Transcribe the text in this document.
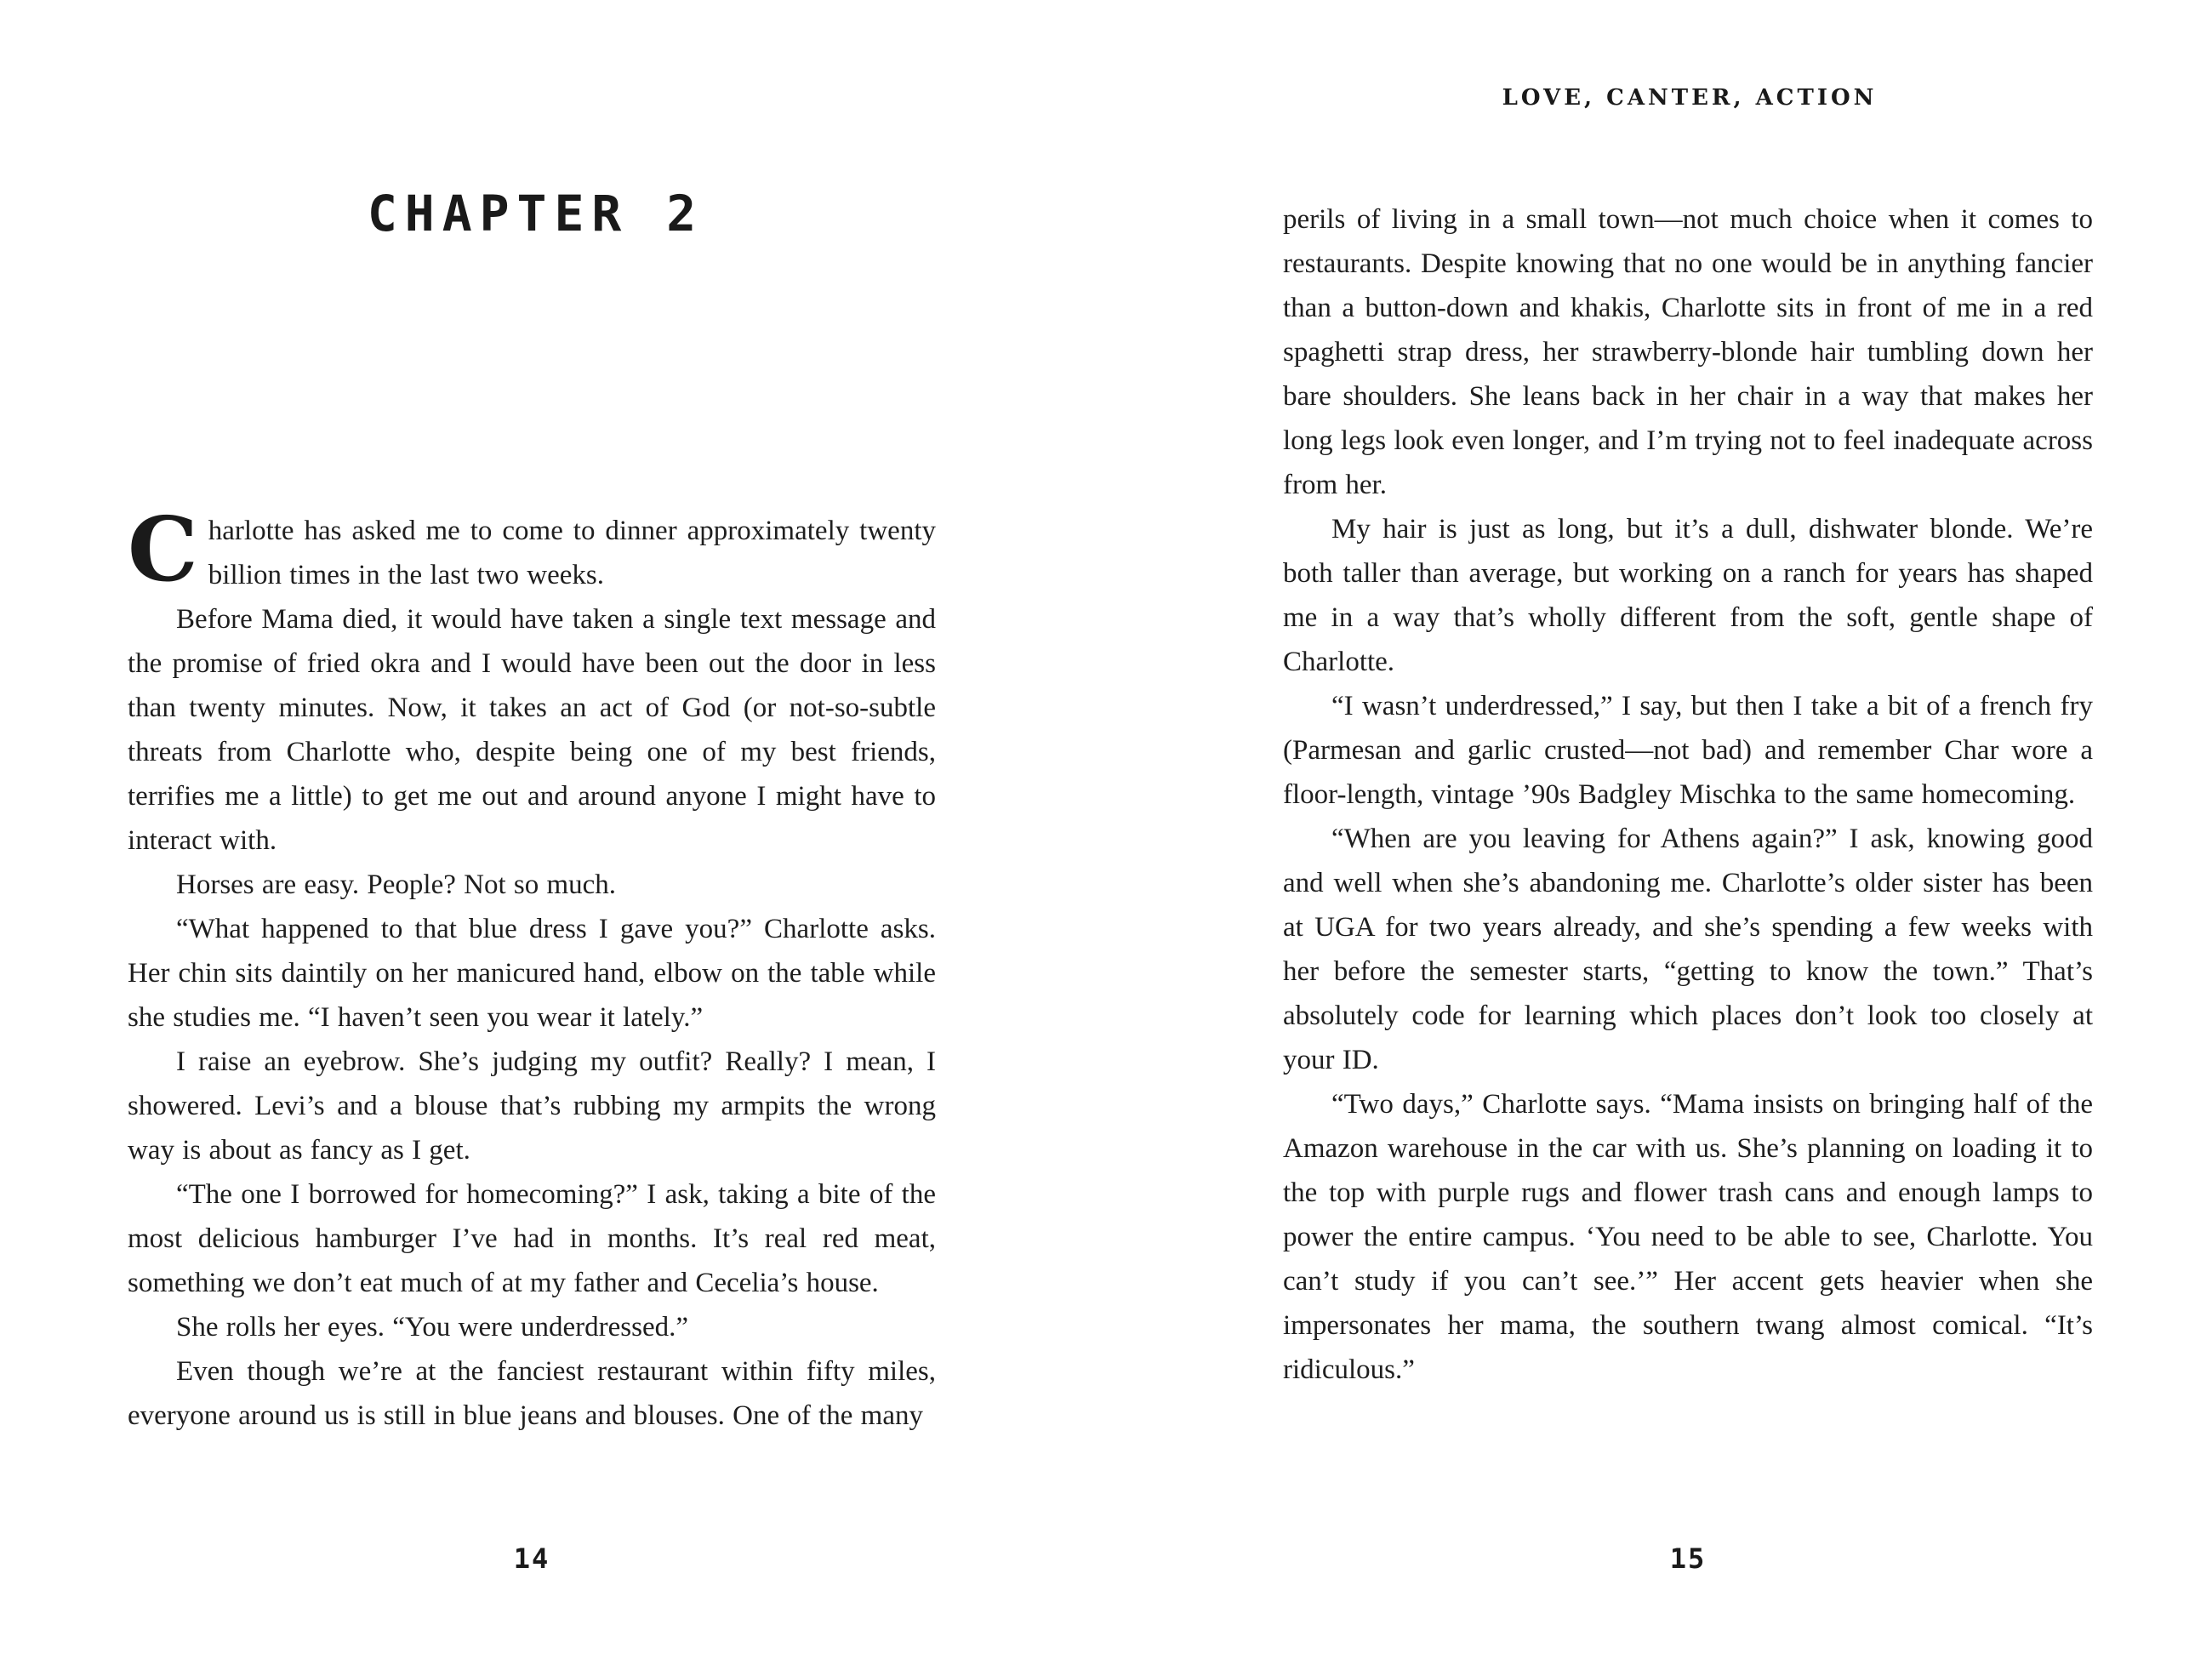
CHAPTER 2

Charlotte has asked me to come to dinner approximately twenty billion times in the last two weeks.

Before Mama died, it would have taken a single text message and the promise of fried okra and I would have been out the door in less than twenty minutes. Now, it takes an act of God (or not-so-subtle threats from Charlotte who, despite being one of my best friends, terrifies me a little) to get me out and around anyone I might have to interact with.

Horses are easy. People? Not so much.

“What happened to that blue dress I gave you?” Charlotte asks. Her chin sits daintily on her manicured hand, elbow on the table while she studies me. “I haven’t seen you wear it lately.”

I raise an eyebrow. She’s judging my outfit? Really? I mean, I showered. Levi’s and a blouse that’s rubbing my armpits the wrong way is about as fancy as I get.

“The one I borrowed for homecoming?” I ask, taking a bite of the most delicious hamburger I’ve had in months. It’s real red meat, something we don’t eat much of at my father and Cecelia’s house.

She rolls her eyes. “You were underdressed.”

Even though we’re at the fanciest restaurant within fifty miles, everyone around us is still in blue jeans and blouses. One of the many

14
LOVE, CANTER, ACTION

perils of living in a small town—not much choice when it comes to restaurants. Despite knowing that no one would be in anything fancier than a button-down and khakis, Charlotte sits in front of me in a red spaghetti strap dress, her strawberry-blonde hair tumbling down her bare shoulders. She leans back in her chair in a way that makes her long legs look even longer, and I’m trying not to feel inadequate across from her.

My hair is just as long, but it’s a dull, dishwater blonde. We’re both taller than average, but working on a ranch for years has shaped me in a way that’s wholly different from the soft, gentle shape of Charlotte.

“I wasn’t underdressed,” I say, but then I take a bit of a french fry (Parmesan and garlic crusted—not bad) and remember Char wore a floor-length, vintage ’90s Badgley Mischka to the same homecoming.

“When are you leaving for Athens again?” I ask, knowing good and well when she’s abandoning me. Charlotte’s older sister has been at UGA for two years already, and she’s spending a few weeks with her before the semester starts, “getting to know the town.” That’s absolutely code for learning which places don’t look too closely at your ID.

“Two days,” Charlotte says. “Mama insists on bringing half of the Amazon warehouse in the car with us. She’s planning on loading it to the top with purple rugs and flower trash cans and enough lamps to power the entire campus. ‘You need to be able to see, Charlotte. You can’t study if you can’t see.’” Her accent gets heavier when she impersonates her mama, the southern twang almost comical. “It’s ridiculous.”

15
